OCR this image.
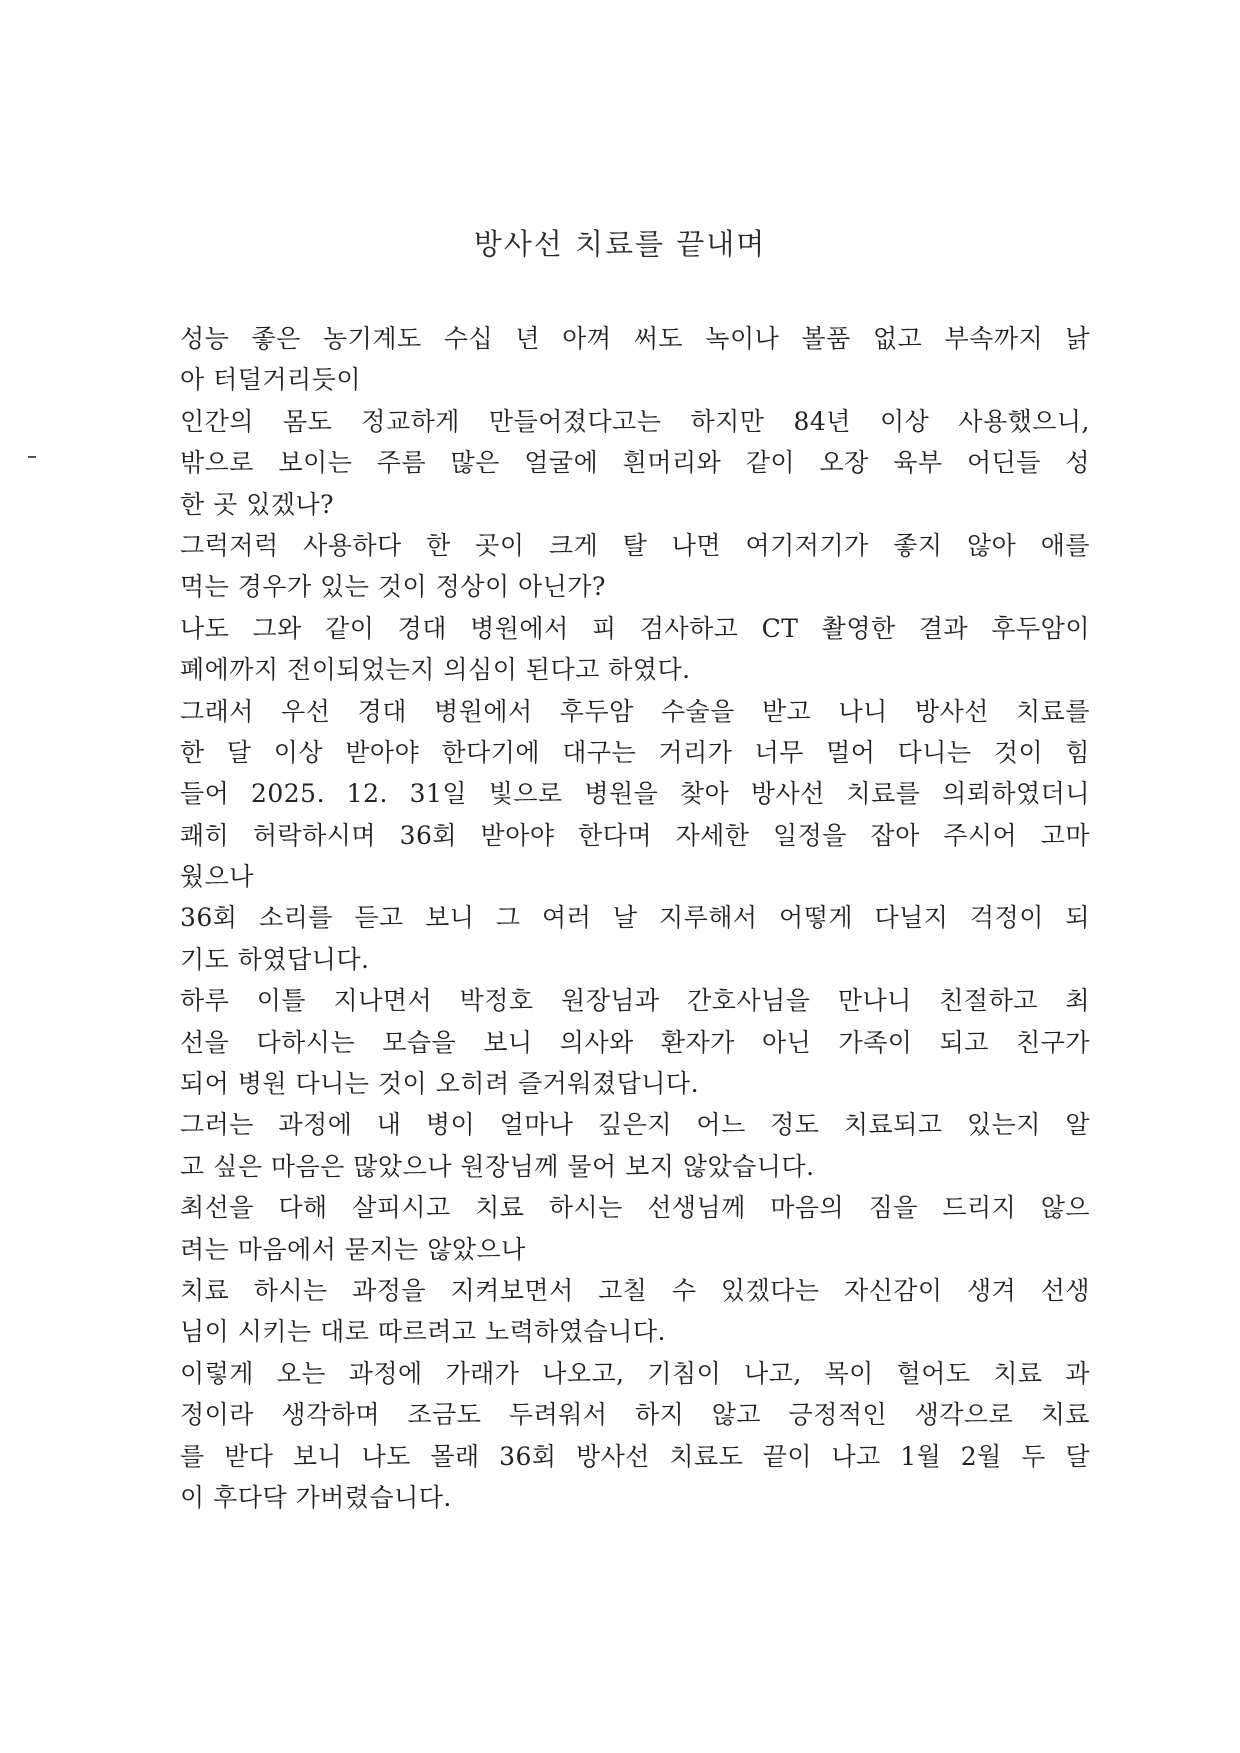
방사선 치료를 끝내며
성능 좋은 농기계도 수십 년 아껴 써도 녹이나 볼품 없고 부속까지 낡
아 터덜거리듯이
인간의 몸도 정교하게 만들어졌다고는 하지만 84년 이상 사용했으니,
밖으로 보이는 주름 많은 얼굴에 흰머리와 같이 오장 육부 어딘들 성
한 곳 있겠나?
그럭저럭 사용하다 한 곳이 크게 탈 나면 여기저기가 좋지 않아 애를
먹는 경우가 있는 것이 정상이 아닌가?
나도 그와 같이 경대 병원에서 피 검사하고 CT 촬영한 결과 후두암이
폐에까지 전이되었는지 의심이 된다고 하였다.
그래서 우선 경대 병원에서 후두암 수술을 받고 나니 방사선 치료를
한 달 이상 받아야 한다기에 대구는 거리가 너무 멀어 다니는 것이 힘
들어 2025. 12. 31일 빛으로 병원을 찾아 방사선 치료를 의뢰하였더니
쾌히 허락하시며 36회 받아야 한다며 자세한 일정을 잡아 주시어 고마
웠으나
36회 소리를 듣고 보니 그 여러 날 지루해서 어떻게 다닐지 걱정이 되
기도 하였답니다.
하루 이틀 지나면서 박정호 원장님과 간호사님을 만나니 친절하고 최
선을 다하시는 모습을 보니 의사와 환자가 아닌 가족이 되고 친구가
되어 병원 다니는 것이 오히려 즐거워졌답니다.
그러는 과정에 내 병이 얼마나 깊은지 어느 정도 치료되고 있는지 알
고 싶은 마음은 많았으나 원장님께 물어 보지 않았습니다.
최선을 다해 살피시고 치료 하시는 선생님께 마음의 짐을 드리지 않으
려는 마음에서 묻지는 않았으나
치료 하시는 과정을 지켜보면서 고칠 수 있겠다는 자신감이 생겨 선생
님이 시키는 대로 따르려고 노력하였습니다.
이렇게 오는 과정에 가래가 나오고, 기침이 나고, 목이 헐어도 치료 과
정이라 생각하며 조금도 두려워서 하지 않고 긍정적인 생각으로 치료
를 받다 보니 나도 몰래 36회 방사선 치료도 끝이 나고 1월 2월 두 달
이 후다닥 가버렸습니다.
